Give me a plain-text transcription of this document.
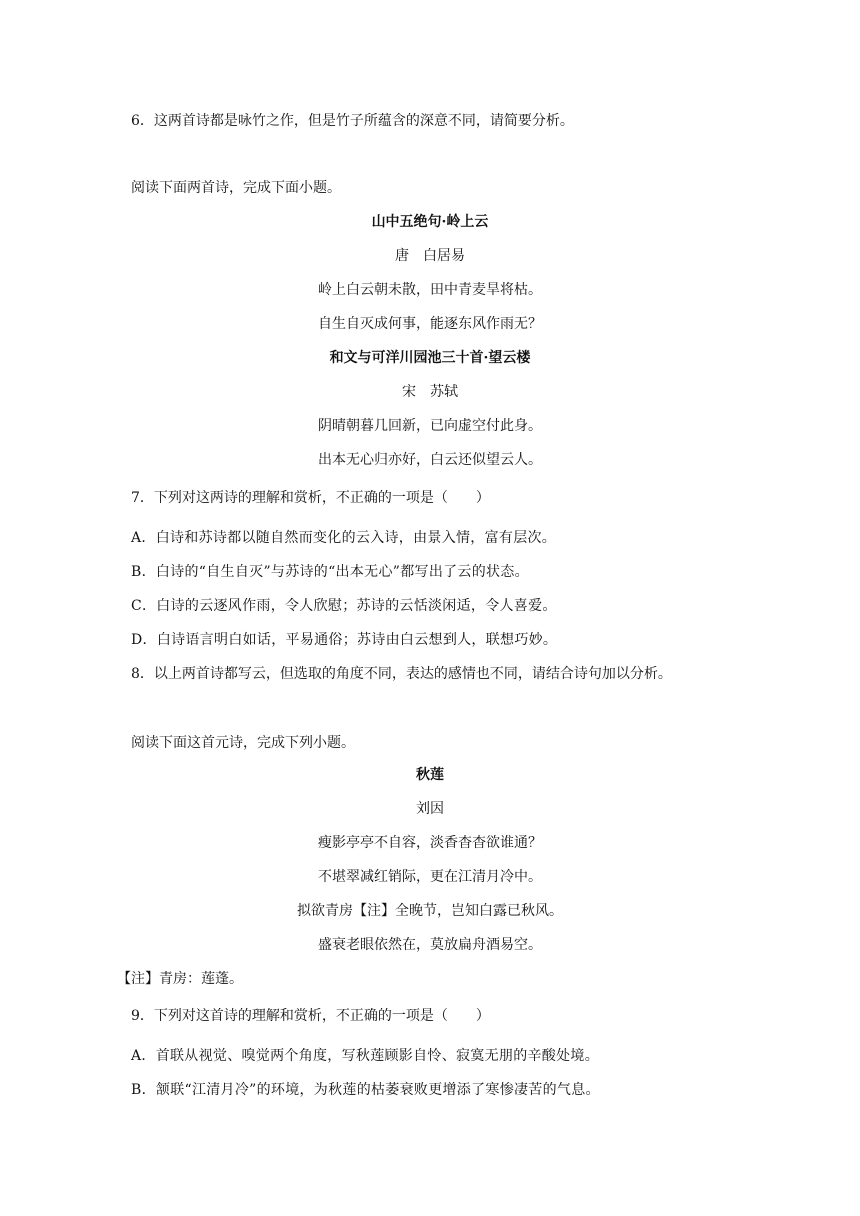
6．这两首诗都是咏竹之作，但是竹子所蕴含的深意不同，请简要分析。
阅读下面两首诗，完成下面小题。
山中五绝句·岭上云
唐　白居易
岭上白云朝未散，田中青麦旱将枯。
自生自灭成何事，能逐东风作雨无？
和文与可洋川园池三十首·望云楼
宋　苏轼
阴晴朝暮几回新，已向虚空付此身。
出本无心归亦好，白云还似望云人。
7．下列对这两诗的理解和赏析，不正确的一项是（　　）
A．白诗和苏诗都以随自然而变化的云入诗，由景入情，富有层次。
B．白诗的“自生自灭”与苏诗的“出本无心”都写出了云的状态。
C．白诗的云逐风作雨，令人欣慰；苏诗的云恬淡闲适，令人喜爱。
D．白诗语言明白如话，平易通俗；苏诗由白云想到人，联想巧妙。
8．以上两首诗都写云，但选取的角度不同，表达的感情也不同，请结合诗句加以分析。
阅读下面这首元诗，完成下列小题。
秋莲
刘因
瘦影亭亭不自容，淡香杳杳欲谁通？
不堪翠减红销际，更在江清月冷中。
拟欲青房【注】全晚节，岂知白露已秋风。
盛衰老眼依然在，莫放扁舟酒易空。
【注】青房：莲蓬。
9．下列对这首诗的理解和赏析，不正确的一项是（　　）
A．首联从视觉、嗅觉两个角度，写秋莲顾影自怜、寂寞无朋的辛酸处境。
B．颔联“江清月冷”的环境，为秋莲的枯萎衰败更增添了寒惨凄苦的气息。
